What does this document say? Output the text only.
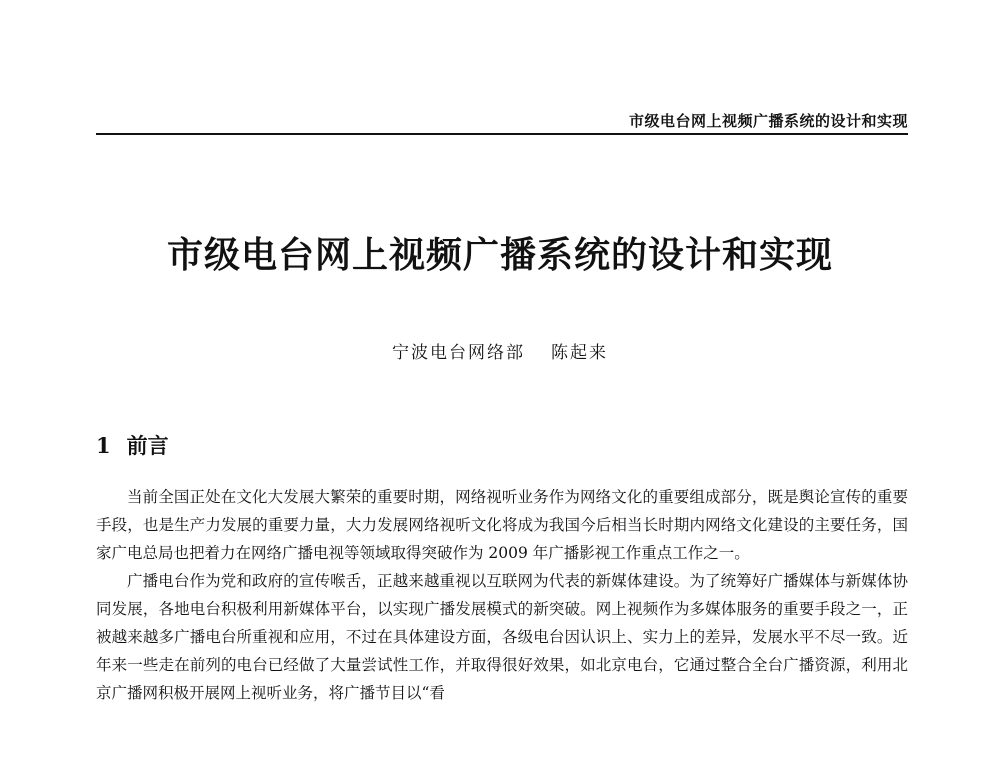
市级电台网上视频广播系统的设计和实现
市级电台网上视频广播系统的设计和实现
宁波电台网络部 陈起来
1 前言

当前全国正处在文化大发展大繁荣的重要时期，网络视听业务作为网络文化的重要组成部分，既是舆论宣传的重要手段，也是生产力发展的重要力量，大力发展网络视听文化将成为我国今后相当长时期内网络文化建设的主要任务，国家广电总局也把着力在网络广播电视等领域取得突破作为 2009 年广播影视工作重点工作之一。

广播电台作为党和政府的宣传喉舌，正越来越重视以互联网为代表的新媒体建设。为了统筹好广播媒体与新媒体协同发展，各地电台积极利用新媒体平台，以实现广播发展模式的新突破。网上视频作为多媒体服务的重要手段之一，正被越来越多广播电台所重视和应用，不过在具体建设方面，各级电台因认识上、实力上的差异，发展水平不尽一致。近年来一些走在前列的电台已经做了大量尝试性工作，并取得很好效果，如北京电台，它通过整合全台广播资源，利用北京广播网积极开展网上视听业务，将广播节目以“看
